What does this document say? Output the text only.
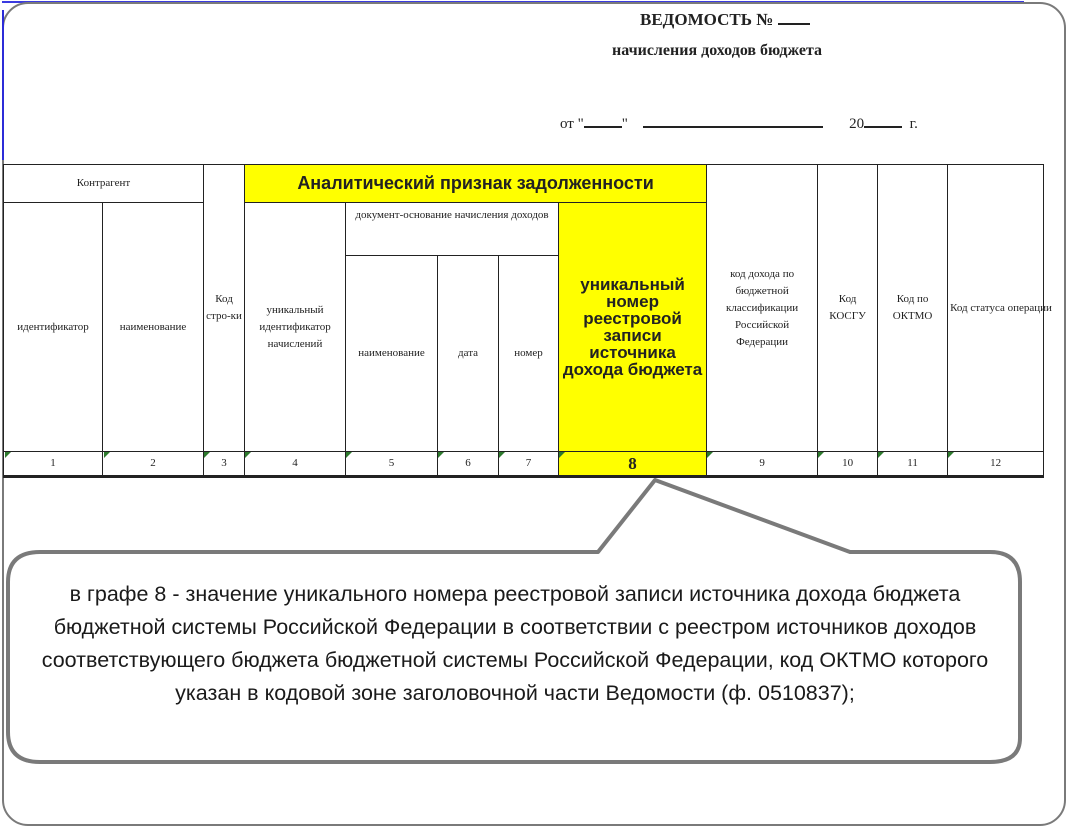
ВЕДОМОСТЬ №
начисления доходов бюджета
от "	"	20	г.
Контрагент		Код стро-ки	Аналитический признак задолженности					код дохода по бюджетной классификации Российской Федерации	Код КОСГУ	Код по ОКТМО	Код статуса операции
идентификатор	наименование		уникальный идентификатор начислений	документ-основание начисления доходов			уникальный номер реестровой записи источника дохода бюджета				
				наименование	дата	номер					
1	2	3	4	5	6	7	8	9	10	11	12
в графе 8 - значение уникального номера реестровой записи источника дохода бюджета бюджетной системы Российской Федерации в соответствии с реестром источников доходов соответствующего бюджета бюджетной системы Российской Федерации, код ОКТМО которого указан в кодовой зоне заголовочной части Ведомости (ф. 0510837);
